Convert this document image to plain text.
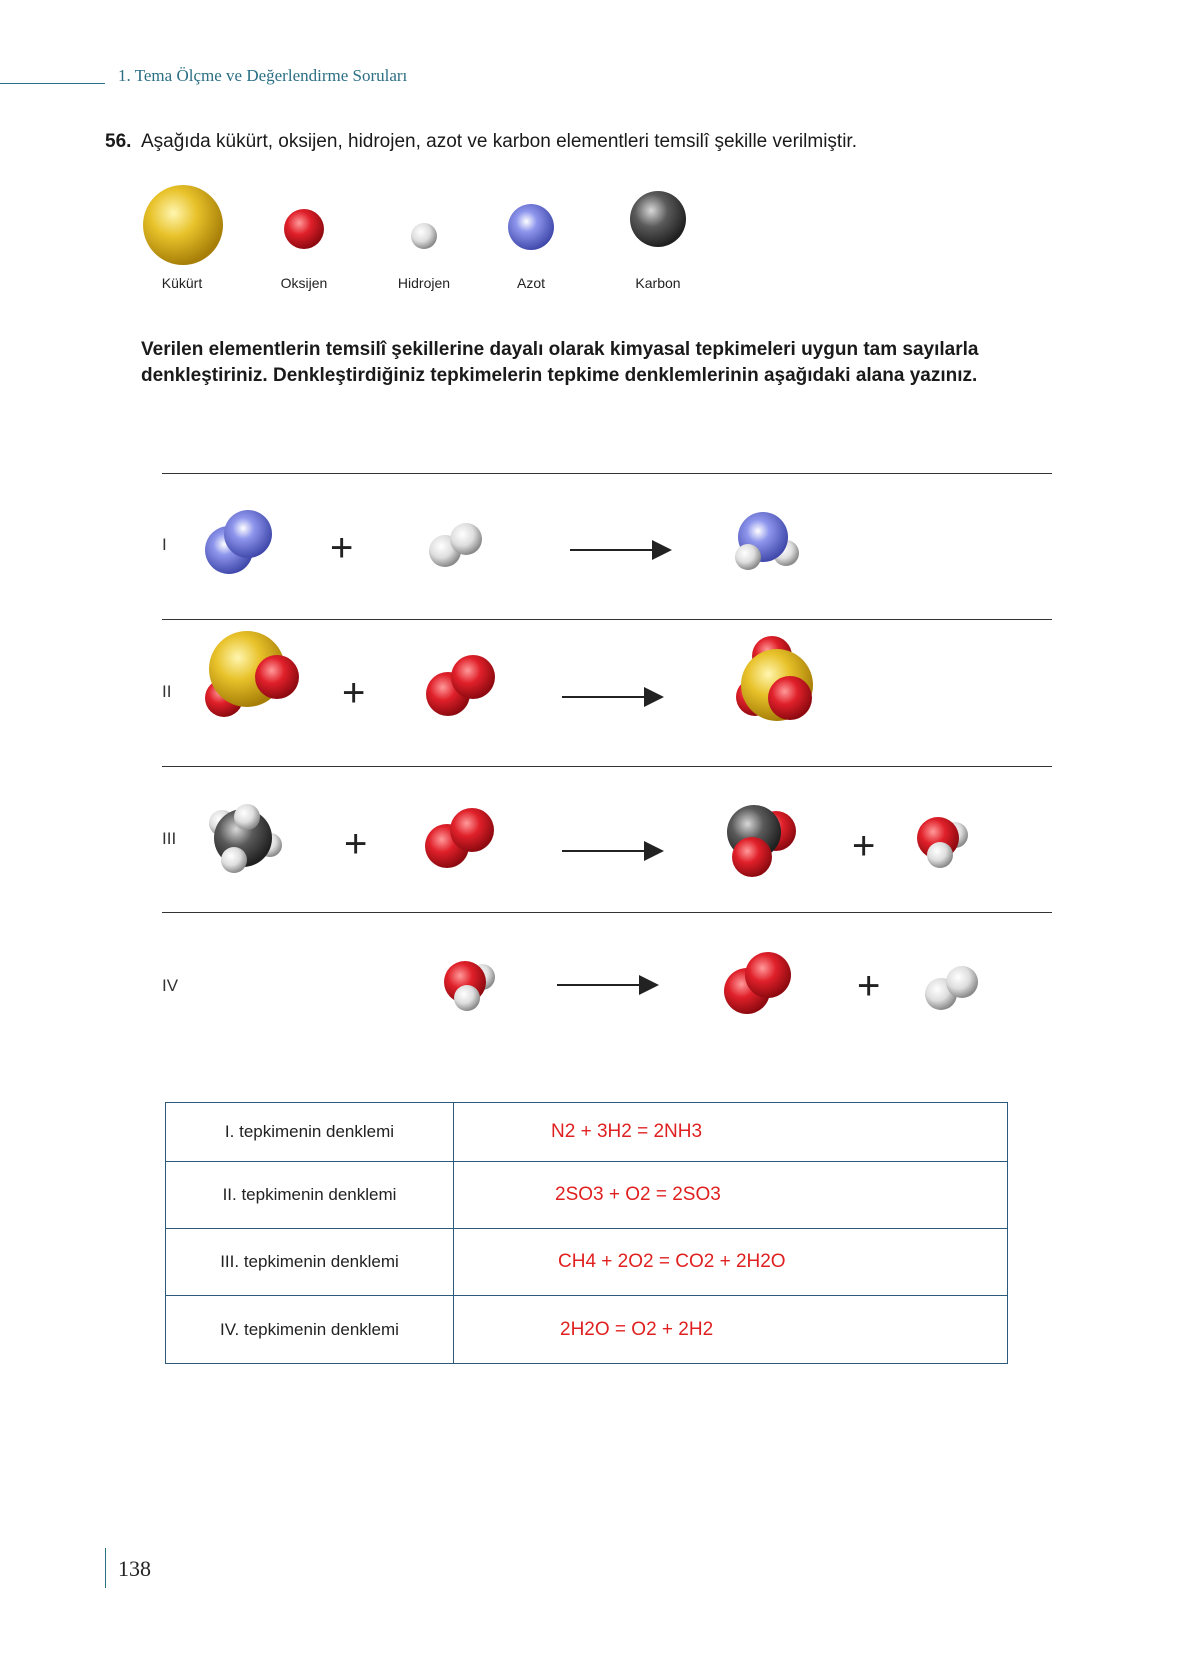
1. Tema Ölçme ve Değerlendirme Soruları
56. Aşağıda kükürt, oksijen, hidrojen, azot ve karbon elementleri temsilî şekille verilmiştir.
Kükürt	Oksijen	Hidrojen	Azot	Karbon
Verilen elementlerin temsilî şekillerine dayalı olarak kimyasal tepkimeleri uygun tam sayılarla denkleştiriniz. Denkleştirdiğiniz tepkimelerin tepkime denklemlerinin aşağıdaki alana yazınız.
I
II
III
IV
+
+
+	+
+
I. tepkimenin denklemi	N2 + 3H2 = 2NH3
II. tepkimenin denklemi	2SO3 + O2 = 2SO3
III. tepkimenin denklemi	CH4 + 2O2 = CO2 + 2H2O
IV. tepkimenin denklemi	2H2O = O2 + 2H2
138
